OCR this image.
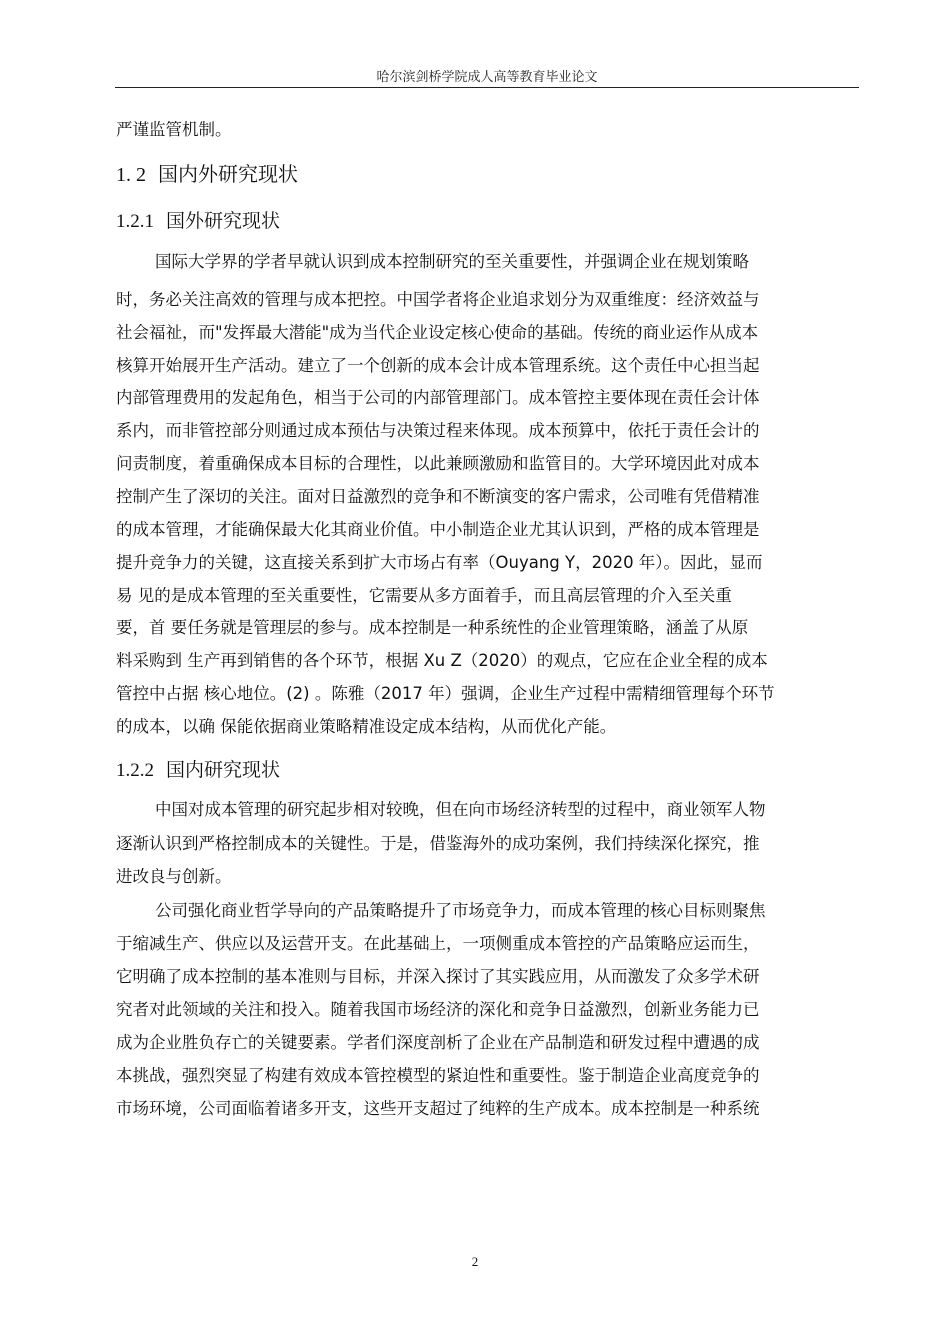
哈尔滨剑桥学院成人高等教育毕业论文
严谨监管机制。
1. 2 国内外研究现状
1.2.1 国外研究现状
国际大学界的学者早就认识到成本控制研究的至关重要性，并强调企业在规划策略
时，务必关注高效的管理与成本把控。中国学者将企业追求划分为双重维度：经济效益与
社会福祉，而"发挥最大潜能"成为当代企业设定核心使命的基础。传统的商业运作从成本
核算开始展开生产活动。建立了一个创新的成本会计成本管理系统。这个责任中心担当起
内部管理费用的发起角色，相当于公司的内部管理部门。成本管控主要体现在责任会计体
系内，而非管控部分则通过成本预估与决策过程来体现。成本预算中，依托于责任会计的
问责制度，着重确保成本目标的合理性，以此兼顾激励和监管目的。大学环境因此对成本
控制产生了深切的关注。面对日益激烈的竞争和不断演变的客户需求，公司唯有凭借精准
的成本管理，才能确保最大化其商业价值。中小制造企业尤其认识到，严格的成本管理是
提升竞争力的关键，这直接关系到扩大市场占有率（Ouyang Y，2020 年）。因此，显而
易 见的是成本管理的至关重要性，它需要从多方面着手，而且高层管理的介入至关重
要，首 要任务就是管理层的参与。成本控制是一种系统性的企业管理策略，涵盖了从原
料采购到 生产再到销售的各个环节，根据 Xu Z（2020）的观点，它应在企业全程的成本
管控中占据 核心地位。(2) 。陈雅（2017 年）强调，企业生产过程中需精细管理每个环节
的成本，以确 保能依据商业策略精准设定成本结构，从而优化产能。
1.2.2 国内研究现状
中国对成本管理的研究起步相对较晚，但在向市场经济转型的过程中，商业领军人物
逐渐认识到严格控制成本的关键性。于是，借鉴海外的成功案例，我们持续深化探究，推
进改良与创新。
公司强化商业哲学导向的产品策略提升了市场竞争力，而成本管理的核心目标则聚焦
于缩减生产、供应以及运营开支。在此基础上，一项侧重成本管控的产品策略应运而生，
它明确了成本控制的基本准则与目标，并深入探讨了其实践应用，从而激发了众多学术研
究者对此领域的关注和投入。随着我国市场经济的深化和竞争日益激烈，创新业务能力已
成为企业胜负存亡的关键要素。学者们深度剖析了企业在产品制造和研发过程中遭遇的成
本挑战，强烈突显了构建有效成本管控模型的紧迫性和重要性。鉴于制造企业高度竞争的
市场环境，公司面临着诸多开支，这些开支超过了纯粹的生产成本。成本控制是一种系统
2
